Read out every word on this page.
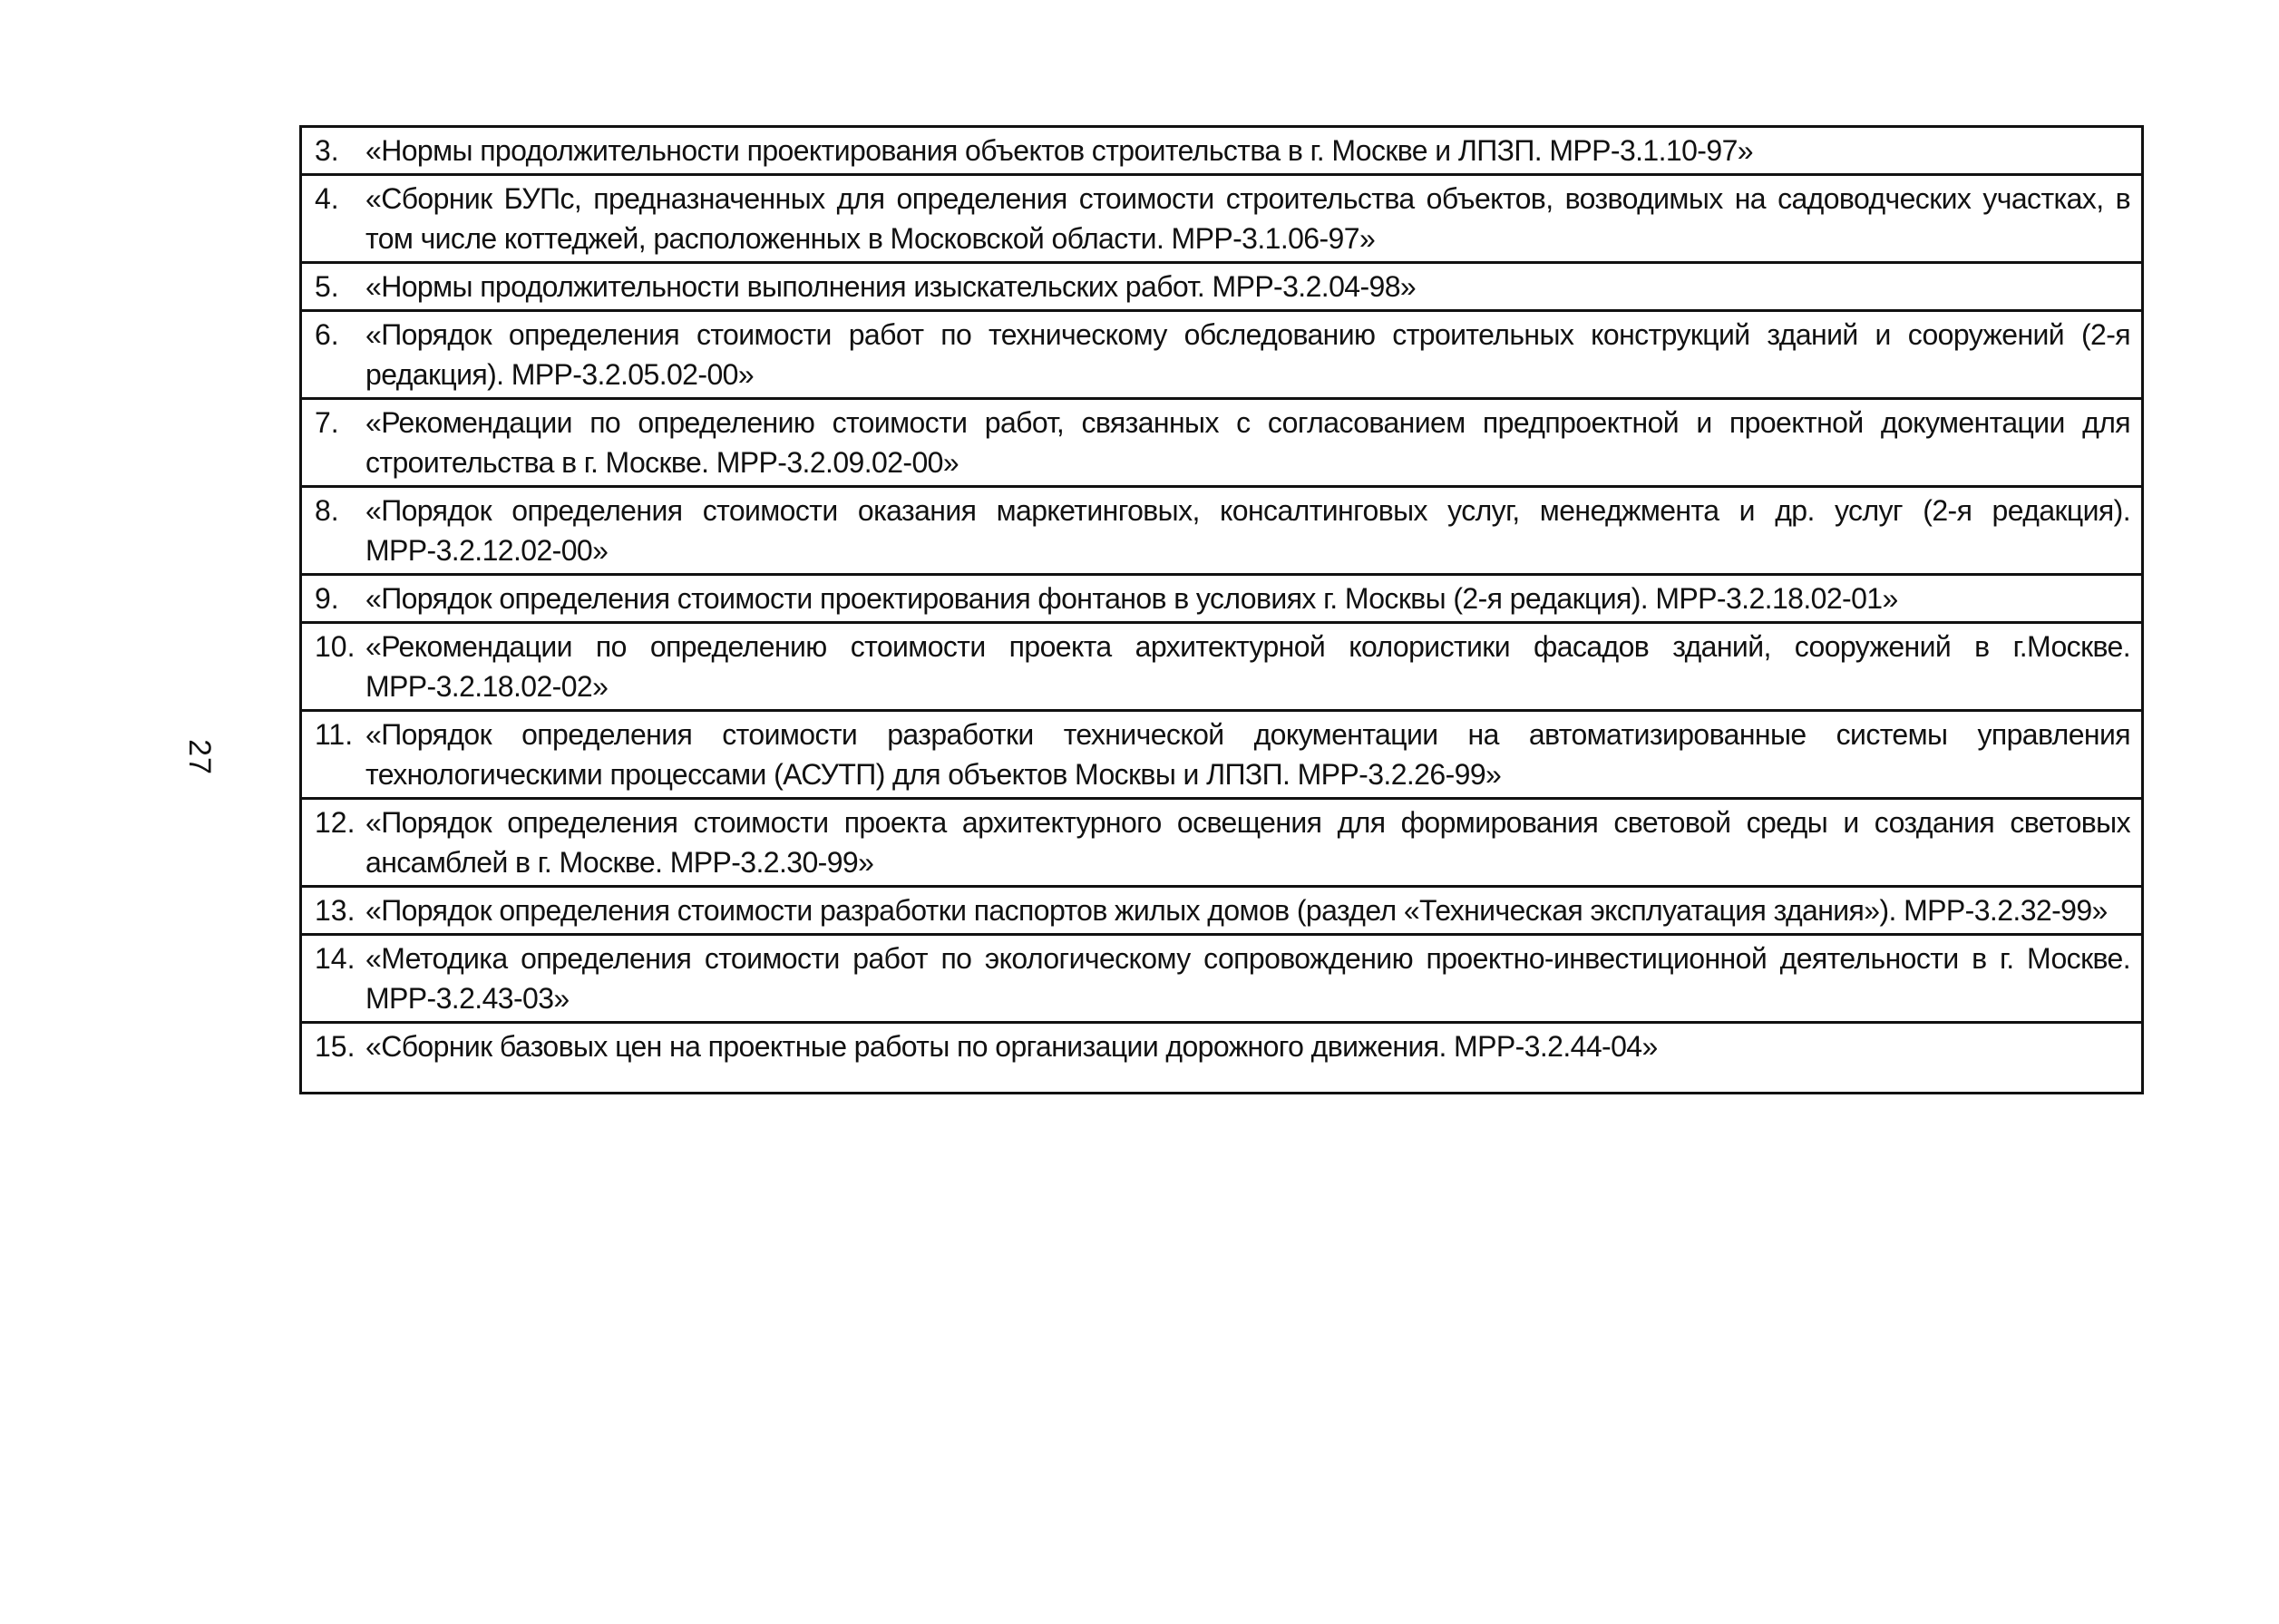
27
3. «Нормы продолжительности проектирования объектов строительства в г. Москве и ЛПЗП. МРР-3.1.10-97»
4. «Сборник БУПс, предназначенных для определения стоимости строительства объектов, возводимых на садоводческих участках, в том числе коттеджей, расположенных в Московской области. МРР-3.1.06-97»
5. «Нормы продолжительности выполнения изыскательских работ. МРР-3.2.04-98»
6. «Порядок определения стоимости работ по техническому обследованию строительных конструкций зданий и сооружений (2-я редакция). МРР-3.2.05.02-00»
7. «Рекомендации по определению стоимости работ, связанных с согласованием предпроектной и проектной документации для строительства в г. Москве. МРР-3.2.09.02-00»
8. «Порядок определения стоимости оказания маркетинговых, консалтинговых услуг, менеджмента и др. услуг (2-я редакция). МРР-3.2.12.02-00»
9. «Порядок определения стоимости проектирования фонтанов в условиях г. Москвы (2-я редакция). МРР-3.2.18.02-01»
10. «Рекомендации по определению стоимости проекта архитектурной колористики фасадов зданий, сооружений в г.Москве. МРР-3.2.18.02-02»
11. «Порядок определения стоимости разработки технической документации на автоматизированные системы управления технологическими процессами (АСУТП) для объектов Москвы и ЛПЗП. МРР-3.2.26-99»
12. «Порядок определения стоимости проекта архитектурного освещения для формирования световой среды и создания световых ансамблей в г. Москве. МРР-3.2.30-99»
13. «Порядок определения стоимости разработки паспортов жилых домов (раздел «Техническая эксплуатация здания»). МРР-3.2.32-99»
14. «Методика определения стоимости работ по экологическому сопровождению проектно-инвестиционной деятельности в г. Москве. МРР-3.2.43-03»
15. «Сборник базовых цен на проектные работы по организации дорожного движения. МРР-3.2.44-04»
